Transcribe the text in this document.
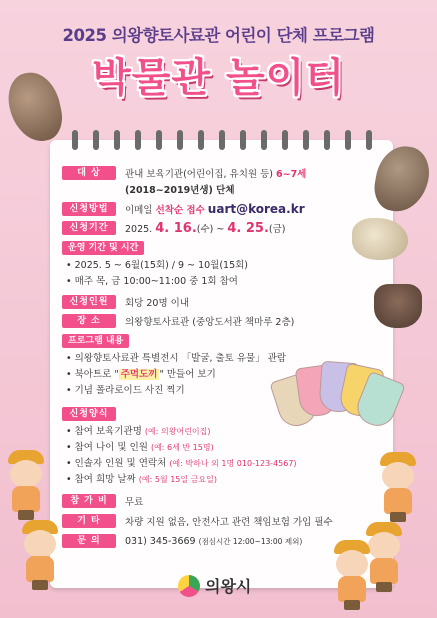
2025 의왕향토사료관 어린이 단체 프로그램
박물관 놀이터
대 상	관내 보육기관(어린이집, 유치원 등) 6~7세
(2018~2019년생) 단체
신청방법	이메일 선착순 접수 uart@korea.kr
신청기간	2025. 4. 16.(수) ~ 4. 25.(금)
운영 기간 및 시간
• 2025. 5 ~ 6월(15회) / 9 ~ 10월(15회)
• 매주 목, 금 10:00~11:00 중 1회 참여
신청인원	회당 20명 이내
장 소	의왕향토사료관 (중앙도서관 책마루 2층)
프로그램 내용
• 의왕향토사료관 특별전시 「발굴, 출토 유물」 관람
• 북아트로 " 주먹도끼 " 만들어 보기
• 기념 폴라로이드 사진 찍기
신청양식
• 참여 보육기관명 (예: 의왕어린이집)
• 참여 나이 및 인원 (예: 6세 반 15명)
• 인솔자 인원 및 연락처 (예: 박하나 외 1명 010-123-4567)
• 참여 희망 날짜 (예: 5월 15일 금요일)
참 가 비	무료
기 타	차량 지원 없음, 안전사고 관련 책임보험 가입 필수
문 의	031) 345-3669 (점심시간 12:00~13:00 제외)
의왕시
